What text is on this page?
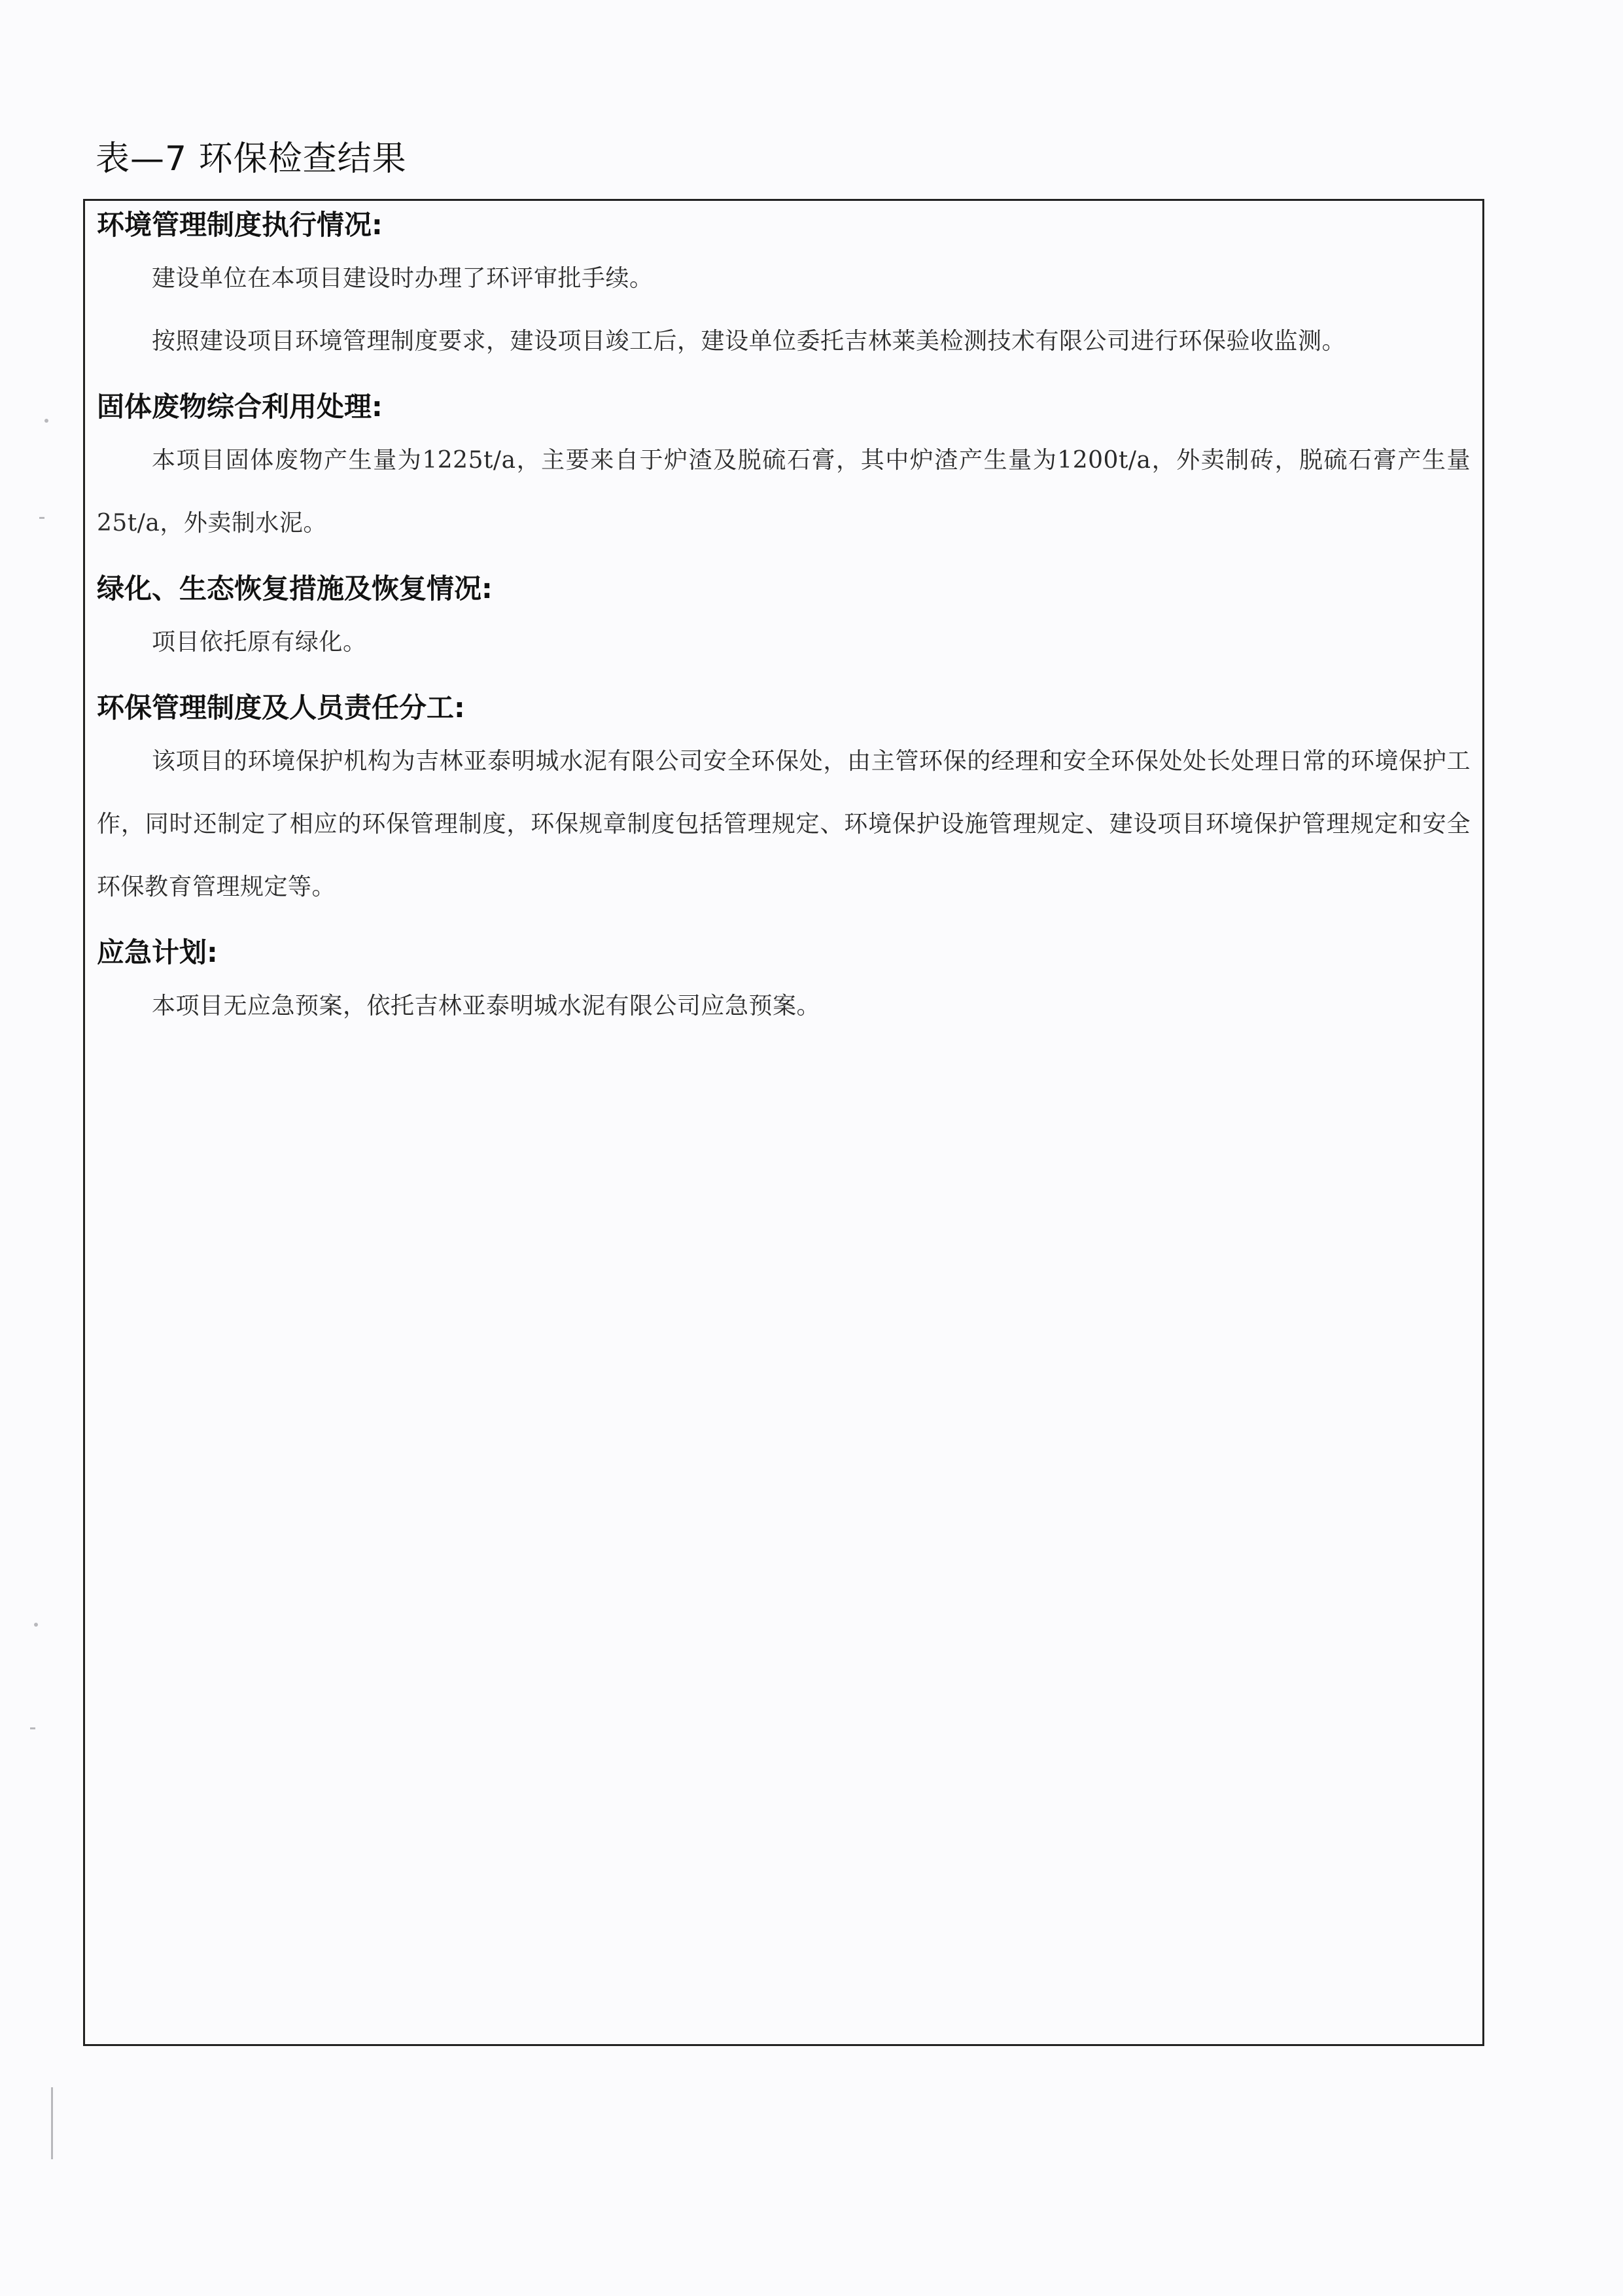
表—7 环保检查结果
环境管理制度执行情况:

建设单位在本项目建设时办理了环评审批手续。

按照建设项目环境管理制度要求，建设项目竣工后，建设单位委托吉林莱美检测技术有限公司进行环保验收监测。

固体废物综合利用处理:

本项目固体废物产生量为1225t/a，主要来自于炉渣及脱硫石膏，其中炉渣产生量为1200t/a，外卖制砖，脱硫石膏产生量25t/a，外卖制水泥。

绿化、生态恢复措施及恢复情况:

项目依托原有绿化。

环保管理制度及人员责任分工:

该项目的环境保护机构为吉林亚泰明城水泥有限公司安全环保处，由主管环保的经理和安全环保处处长处理日常的环境保护工作，同时还制定了相应的环保管理制度，环保规章制度包括管理规定、环境保护设施管理规定、建设项目环境保护管理规定和安全环保教育管理规定等。

应急计划:

本项目无应急预案，依托吉林亚泰明城水泥有限公司应急预案。
